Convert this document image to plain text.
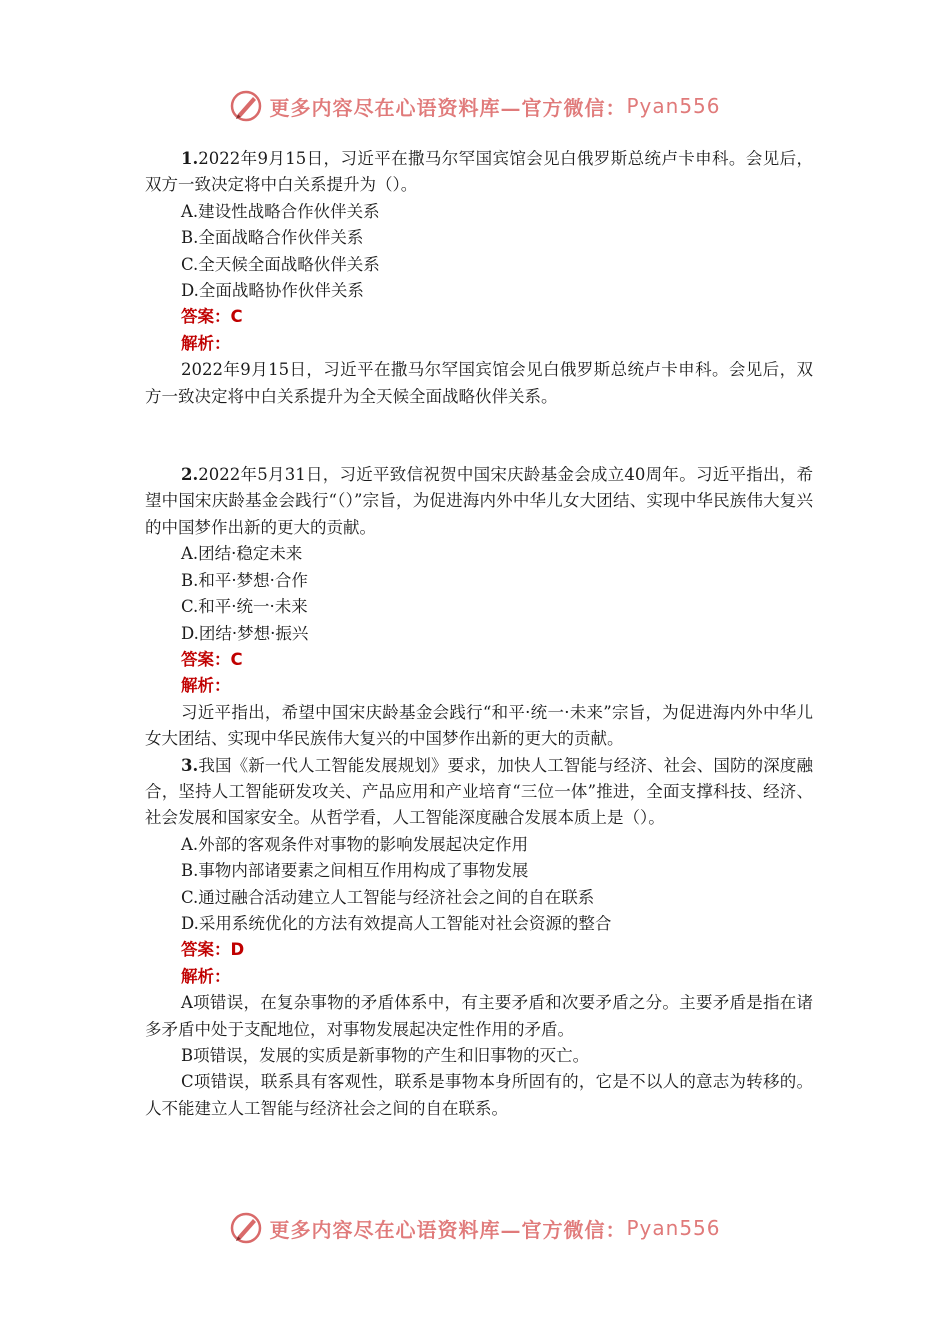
更多内容尽在心语资料库—官方微信： Pyan556

1.2022年9月15日，习近平在撒马尔罕国宾馆会见白俄罗斯总统卢卡申科。会见后，双方一致决定将中白关系提升为（）。

A.建设性战略合作伙伴关系

B.全面战略合作伙伴关系

C.全天候全面战略伙伴关系

D.全面战略协作伙伴关系

答案：C

解析：

2022年9月15日，习近平在撒马尔罕国宾馆会见白俄罗斯总统卢卡申科。会见后，双方一致决定将中白关系提升为全天候全面战略伙伴关系。

2.2022年5月31日，习近平致信祝贺中国宋庆龄基金会成立40周年。习近平指出，希望中国宋庆龄基金会践行“（）”宗旨，为促进海内外中华儿女大团结、实现中华民族伟大复兴的中国梦作出新的更大的贡献。

A.团结·稳定未来

B.和平·梦想·合作

C.和平·统一·未来

D.团结·梦想·振兴

答案：C

解析：

习近平指出，希望中国宋庆龄基金会践行“和平·统一·未来”宗旨，为促进海内外中华儿女大团结、实现中华民族伟大复兴的中国梦作出新的更大的贡献。

3.我国《新一代人工智能发展规划》要求，加快人工智能与经济、社会、国防的深度融合，坚持人工智能研发攻关、产品应用和产业培育“三位一体”推进，全面支撑科技、经济、社会发展和国家安全。从哲学看，人工智能深度融合发展本质上是（）。

A.外部的客观条件对事物的影响发展起决定作用

B.事物内部诸要素之间相互作用构成了事物发展

C.通过融合活动建立人工智能与经济社会之间的自在联系

D.采用系统优化的方法有效提高人工智能对社会资源的整合

答案：D

解析：

A项错误，在复杂事物的矛盾体系中，有主要矛盾和次要矛盾之分。主要矛盾是指在诸多矛盾中处于支配地位，对事物发展起决定性作用的矛盾。

B项错误，发展的实质是新事物的产生和旧事物的灭亡。

C项错误，联系具有客观性，联系是事物本身所固有的，它是不以人的意志为转移的。人不能建立人工智能与经济社会之间的自在联系。

更多内容尽在心语资料库—官方微信： Pyan556
